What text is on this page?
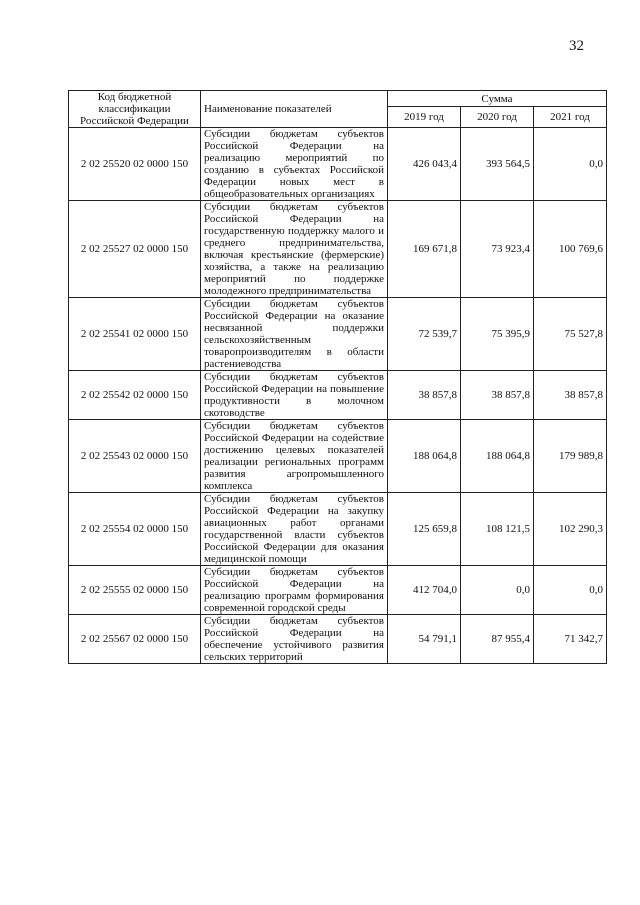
32
Код бюджетной классификации Российской Федерации	Наименование показателей	Сумма		
		2019 год	2020 год	2021 год
2 02 25520 02 0000 150	Субсидии бюджетам субъектов Российской Федерации на реализацию мероприятий по созданию в субъектах Российской Федерации новых мест в общеобразовательных организациях	426 043,4	393 564,5	0,0
2 02 25527 02 0000 150	Субсидии бюджетам субъектов Российской Федерации на государственную поддержку малого и среднего предпринимательства, включая крестьянские (фермерские) хозяйства, а также на реализацию мероприятий по поддержке молодежного предпринимательства	169 671,8	73 923,4	100 769,6
2 02 25541 02 0000 150	Субсидии бюджетам субъектов Российской Федерации на оказание несвязанной поддержки сельскохозяйственным товаропроизводителям в области растениеводства	72 539,7	75 395,9	75 527,8
2 02 25542 02 0000 150	Субсидии бюджетам субъектов Российской Федерации на повышение продуктивности в молочном скотоводстве	38 857,8	38 857,8	38 857,8
2 02 25543 02 0000 150	Субсидии бюджетам субъектов Российской Федерации на содействие достижению целевых показателей реализации региональных программ развития агропромышленного комплекса	188 064,8	188 064,8	179 989,8
2 02 25554 02 0000 150	Субсидии бюджетам субъектов Российской Федерации на закупку авиационных работ органами государственной власти субъектов Российской Федерации для оказания медицинской помощи	125 659,8	108 121,5	102 290,3
2 02 25555 02 0000 150	Субсидии бюджетам субъектов Российской Федерации на реализацию программ формирования современной городской среды	412 704,0	0,0	0,0
2 02 25567 02 0000 150	Субсидии бюджетам субъектов Российской Федерации на обеспечение устойчивого развития сельских территорий	54 791,1	87 955,4	71 342,7
